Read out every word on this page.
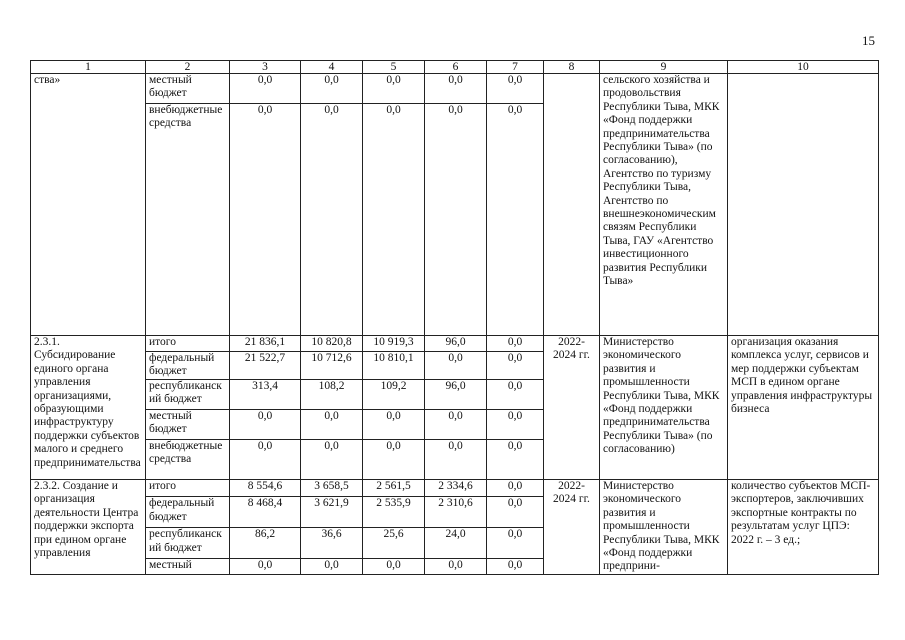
15
1	2	3	4	5	6	7	8	9	10
ства»	местный бюджет	0,0	0,0	0,0	0,0	0,0		сельского хозяйства и продовольствия Республики Тыва, МКК «Фонд поддержки предпринимательства Республики Тыва» (по согласованию), Агентство по туризму Республики Тыва, Агентство по внешнеэкономическим связям Республики Тыва, ГАУ «Агентство инвестиционного развития Республики Тыва»	
	внебюджетные средства	0,0	0,0	0,0	0,0	0,0			
2.3.1. Субсидирование единого органа управления организациями, образующими инфраструктуру поддержки субъектов малого и среднего предпринимательства	итого	21 836,1	10 820,8	10 919,3	96,0	0,0	2022-2024 гг.	Министерство экономического развития и промышленности Республики Тыва, МКК «Фонд поддержки предпринимательства Республики Тыва» (по согласованию)	организация оказания комплекса услуг, сервисов и мер поддержки субъектам МСП в едином органе управления инфраструктуры бизнеса
	федеральный бюджет	21 522,7	10 712,6	10 810,1	0,0	0,0			
	республиканский бюджет	313,4	108,2	109,2	96,0	0,0			
	местный бюджет	0,0	0,0	0,0	0,0	0,0			
	внебюджетные средства	0,0	0,0	0,0	0,0	0,0			
2.3.2. Создание и организация деятельности Центра поддержки экспорта при едином органе управления	итого	8 554,6	3 658,5	2 561,5	2 334,6	0,0	2022-2024 гг.	Министерство экономического развития и промышленности Республики Тыва, МКК «Фонд поддержки предприни-	количество субъектов МСП-экспортеров, заключивших экспортные контракты по результатам услуг ЦПЭ: 2022 г. – 3 ед.;
	федеральный бюджет	8 468,4	3 621,9	2 535,9	2 310,6	0,0			
	республиканский бюджет	86,2	36,6	25,6	24,0	0,0			
	местный	0,0	0,0	0,0	0,0	0,0			
